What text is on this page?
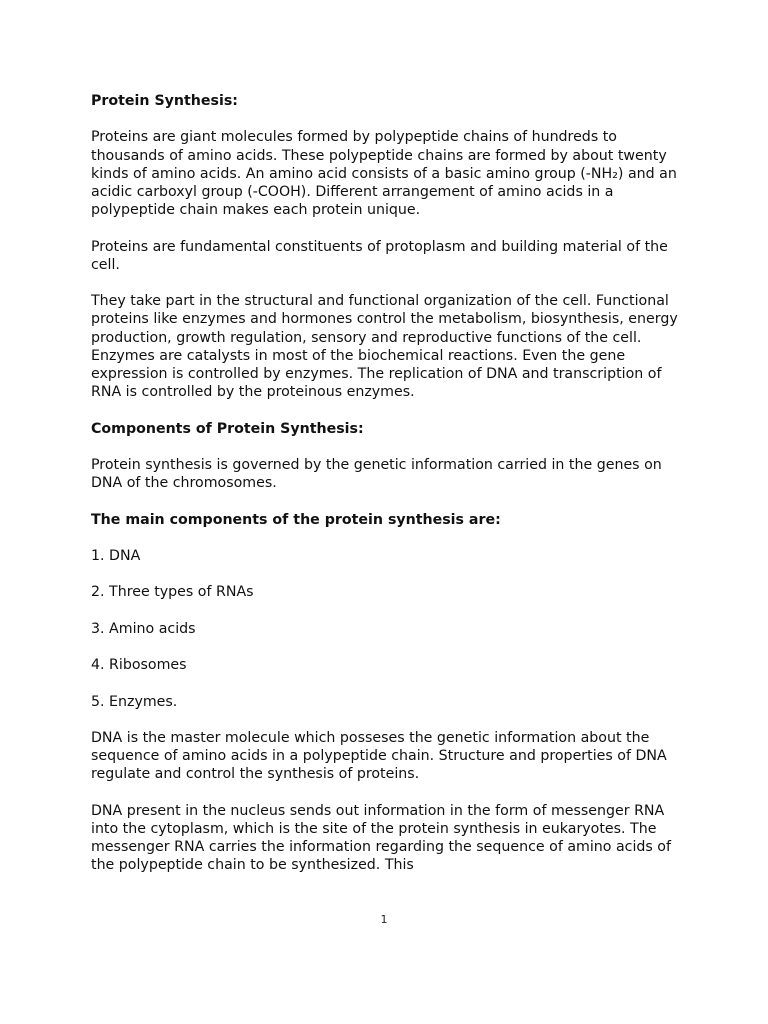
Protein Synthesis:

Proteins are giant molecules formed by polypeptide chains of hundreds to thousands of amino acids. These polypeptide chains are formed by about twenty kinds of amino acids. An amino acid consists of a basic amino group (-NH₂) and an acidic carboxyl group (-COOH). Different arrangement of amino acids in a polypeptide chain makes each protein unique.

Proteins are fundamental constituents of protoplasm and building material of the cell.

They take part in the structural and functional organization of the cell. Functional proteins like enzymes and hormones control the metabolism, biosynthesis, energy production, growth regulation, sensory and reproductive functions of the cell. Enzymes are catalysts in most of the biochemical reactions. Even the gene expression is controlled by enzymes. The replication of DNA and transcription of RNA is controlled by the proteinous enzymes.

Components of Protein Synthesis:

Protein synthesis is governed by the genetic information carried in the genes on DNA of the chromosomes.

The main components of the protein synthesis are:
1. DNA
2. Three types of RNAs
3. Amino acids
4. Ribosomes
5. Enzymes.

DNA is the master molecule which posseses the genetic information about the sequence of amino acids in a polypeptide chain. Structure and properties of DNA regulate and control the synthesis of proteins.

DNA present in the nucleus sends out information in the form of messenger RNA into the cytoplasm, which is the site of the protein synthesis in eukaryotes. The messenger RNA carries the information regarding the sequence of amino acids of the polypeptide chain to be synthesized. This

1
